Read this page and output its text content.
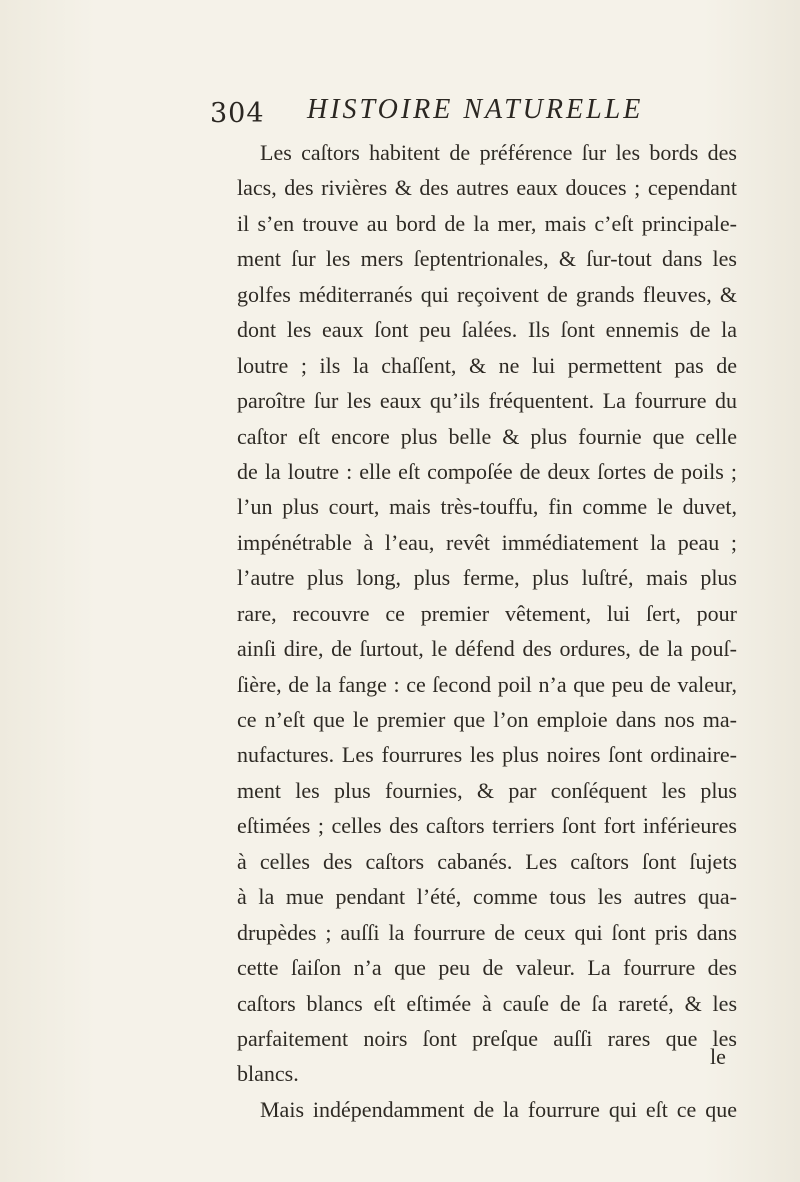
304 HISTOIRE NATURELLE
Les caſtors habitent de préférence ſur les bords des
lacs, des rivières & des autres eaux douces ; cependant
il s’en trouve au bord de la mer, mais c’eſt principale-
ment ſur les mers ſeptentrionales, & ſur-tout dans les
golfes méditerranés qui reçoivent de grands fleuves, &
dont les eaux ſont peu ſalées. Ils ſont ennemis de la
loutre ; ils la chaſſent, & ne lui permettent pas de
paroître ſur les eaux qu’ils fréquentent. La fourrure du
caſtor eſt encore plus belle & plus fournie que celle
de la loutre : elle eſt compoſée de deux ſortes de poils ;
l’un plus court, mais très-touffu, fin comme le duvet,
impénétrable à l’eau, revêt immédiatement la peau ;
l’autre plus long, plus ferme, plus luſtré, mais plus
rare, recouvre ce premier vêtement, lui ſert, pour
ainſi dire, de ſurtout, le défend des ordures, de la pouſ-
ſière, de la fange : ce ſecond poil n’a que peu de valeur,
ce n’eſt que le premier que l’on emploie dans nos ma-
nufactures. Les fourrures les plus noires ſont ordinaire-
ment les plus fournies, & par conſéquent les plus
eſtimées ; celles des caſtors terriers ſont fort inférieures
à celles des caſtors cabanés. Les caſtors ſont ſujets
à la mue pendant l’été, comme tous les autres qua-
drupèdes ; auſſi la fourrure de ceux qui ſont pris dans
cette ſaiſon n’a que peu de valeur. La fourrure des
caſtors blancs eſt eſtimée à cauſe de ſa rareté, & les
parfaitement noirs ſont preſque auſſi rares que les
blancs.
Mais indépendamment de la fourrure qui eſt ce que
le
